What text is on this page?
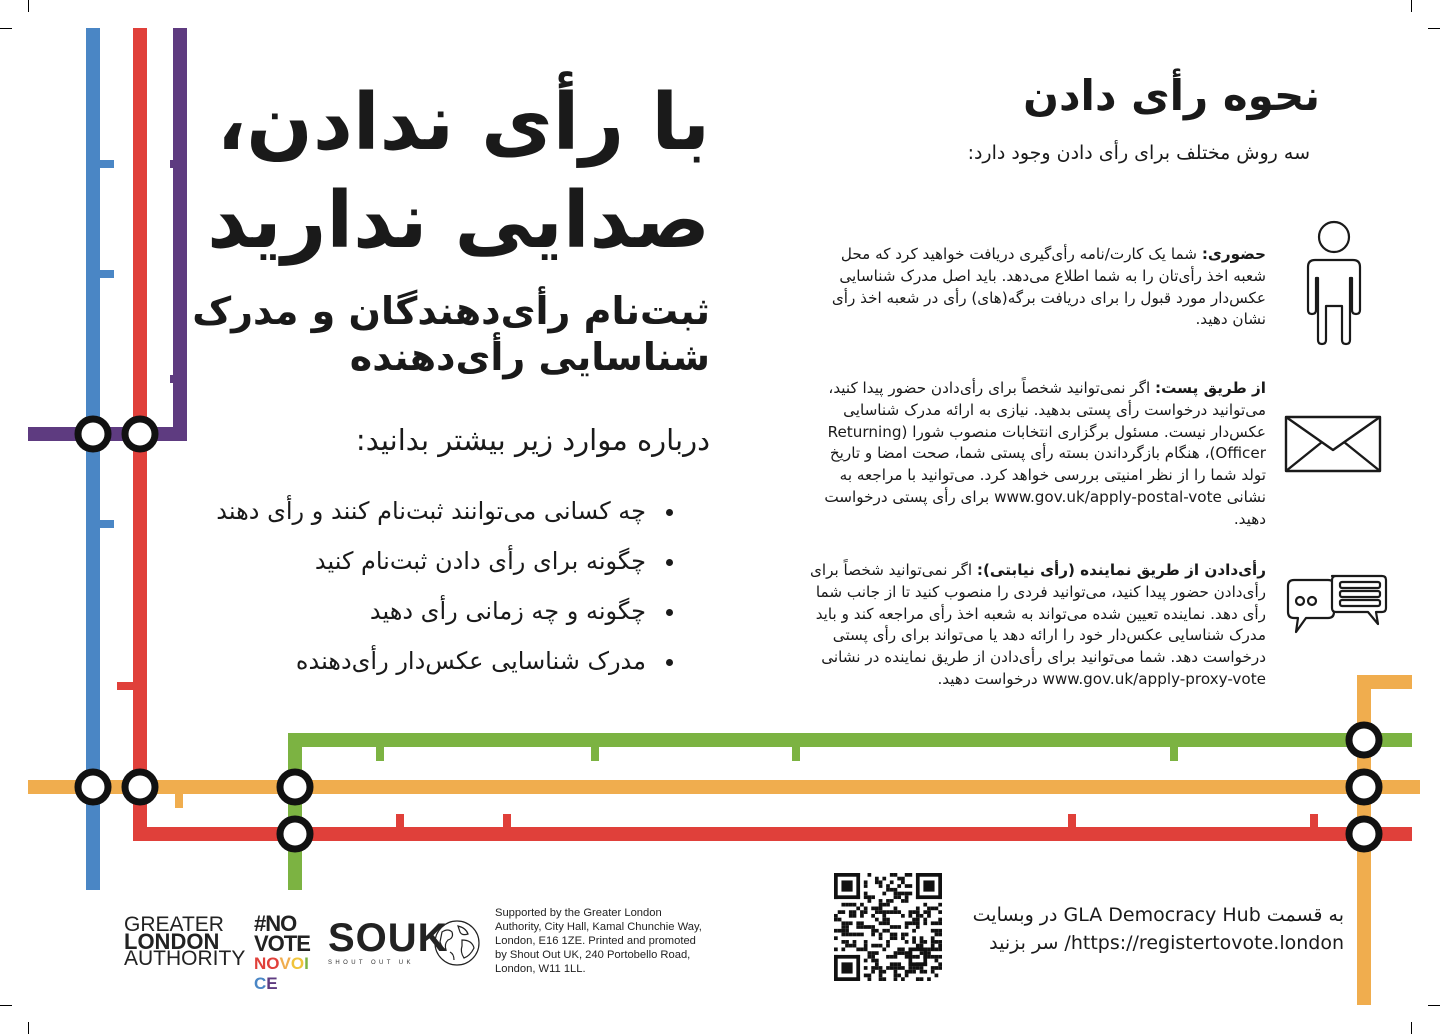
با رأی ندادن،
صدایی ندارید
ثبت‌نام رأی‌دهندگان و مدرک
شناسایی رأی‌دهنده
درباره موارد زیر بیشتر بدانید:
• چه کسانی می‌توانند ثبت‌نام کنند و رأی دهند
• چگونه برای رأی دادن ثبت‌نام کنید
• چگونه و چه زمانی رأی دهید
• مدرک شناسایی عکس‌دار رأی‌دهنده
نحوه رأی دادن
سه روش مختلف برای رأی دادن وجود دارد:
حضوری: شما یک کارت/نامه رأی‌گیری دریافت خواهید کرد که محل شعبه اخذ رأی‌تان را به شما اطلاع می‌دهد. باید اصل مدرک شناسایی عکس‌دار مورد قبول را برای دریافت برگه(های) رأی در شعبه اخذ رأی نشان دهید.
از طریق پست: اگر نمی‌توانید شخصاً برای رأی‌دادن حضور پیدا کنید، می‌توانید درخواست رأی پستی بدهید. نیازی به ارائه مدرک شناسایی عکس‌دار نیست. مسئول برگزاری انتخابات منصوب شورا (Returning Officer)، هنگام بازگرداندن بسته رأی پستی شما، صحت امضا و تاریخ تولد شما را از نظر امنیتی بررسی خواهد کرد. می‌توانید با مراجعه به نشانی www.gov.uk/apply-postal-vote برای رأی پستی درخواست دهید.
رأی‌دادن از طریق نماینده (رأی نیابتی): اگر نمی‌توانید شخصاً برای رأی‌دادن حضور پیدا کنید، می‌توانید فردی را منصوب کنید تا از جانب شما رأی دهد. نماینده تعیین شده می‌تواند به شعبه اخذ رأی مراجعه کند و باید مدرک شناسایی عکس‌دار خود را ارائه دهد یا می‌تواند برای رأی پستی درخواست دهد. شما می‌توانید برای رأی‌دادن از طریق نماینده در نشانی www.gov.uk/apply-proxy-vote درخواست دهید.
به قسمت GLA Democracy Hub در وبسایت
https://registertovote.london/ سر بزنید
GREATER
LONDON
AUTHORITY
#NO
VOTE
NOVOICE
SOUK
SHOUT OUT UK
Supported by the Greater London Authority, City Hall, Kamal Chunchie Way, London, E16 1ZE. Printed and promoted by Shout Out UK, 240 Portobello Road, London, W11 1LL.
